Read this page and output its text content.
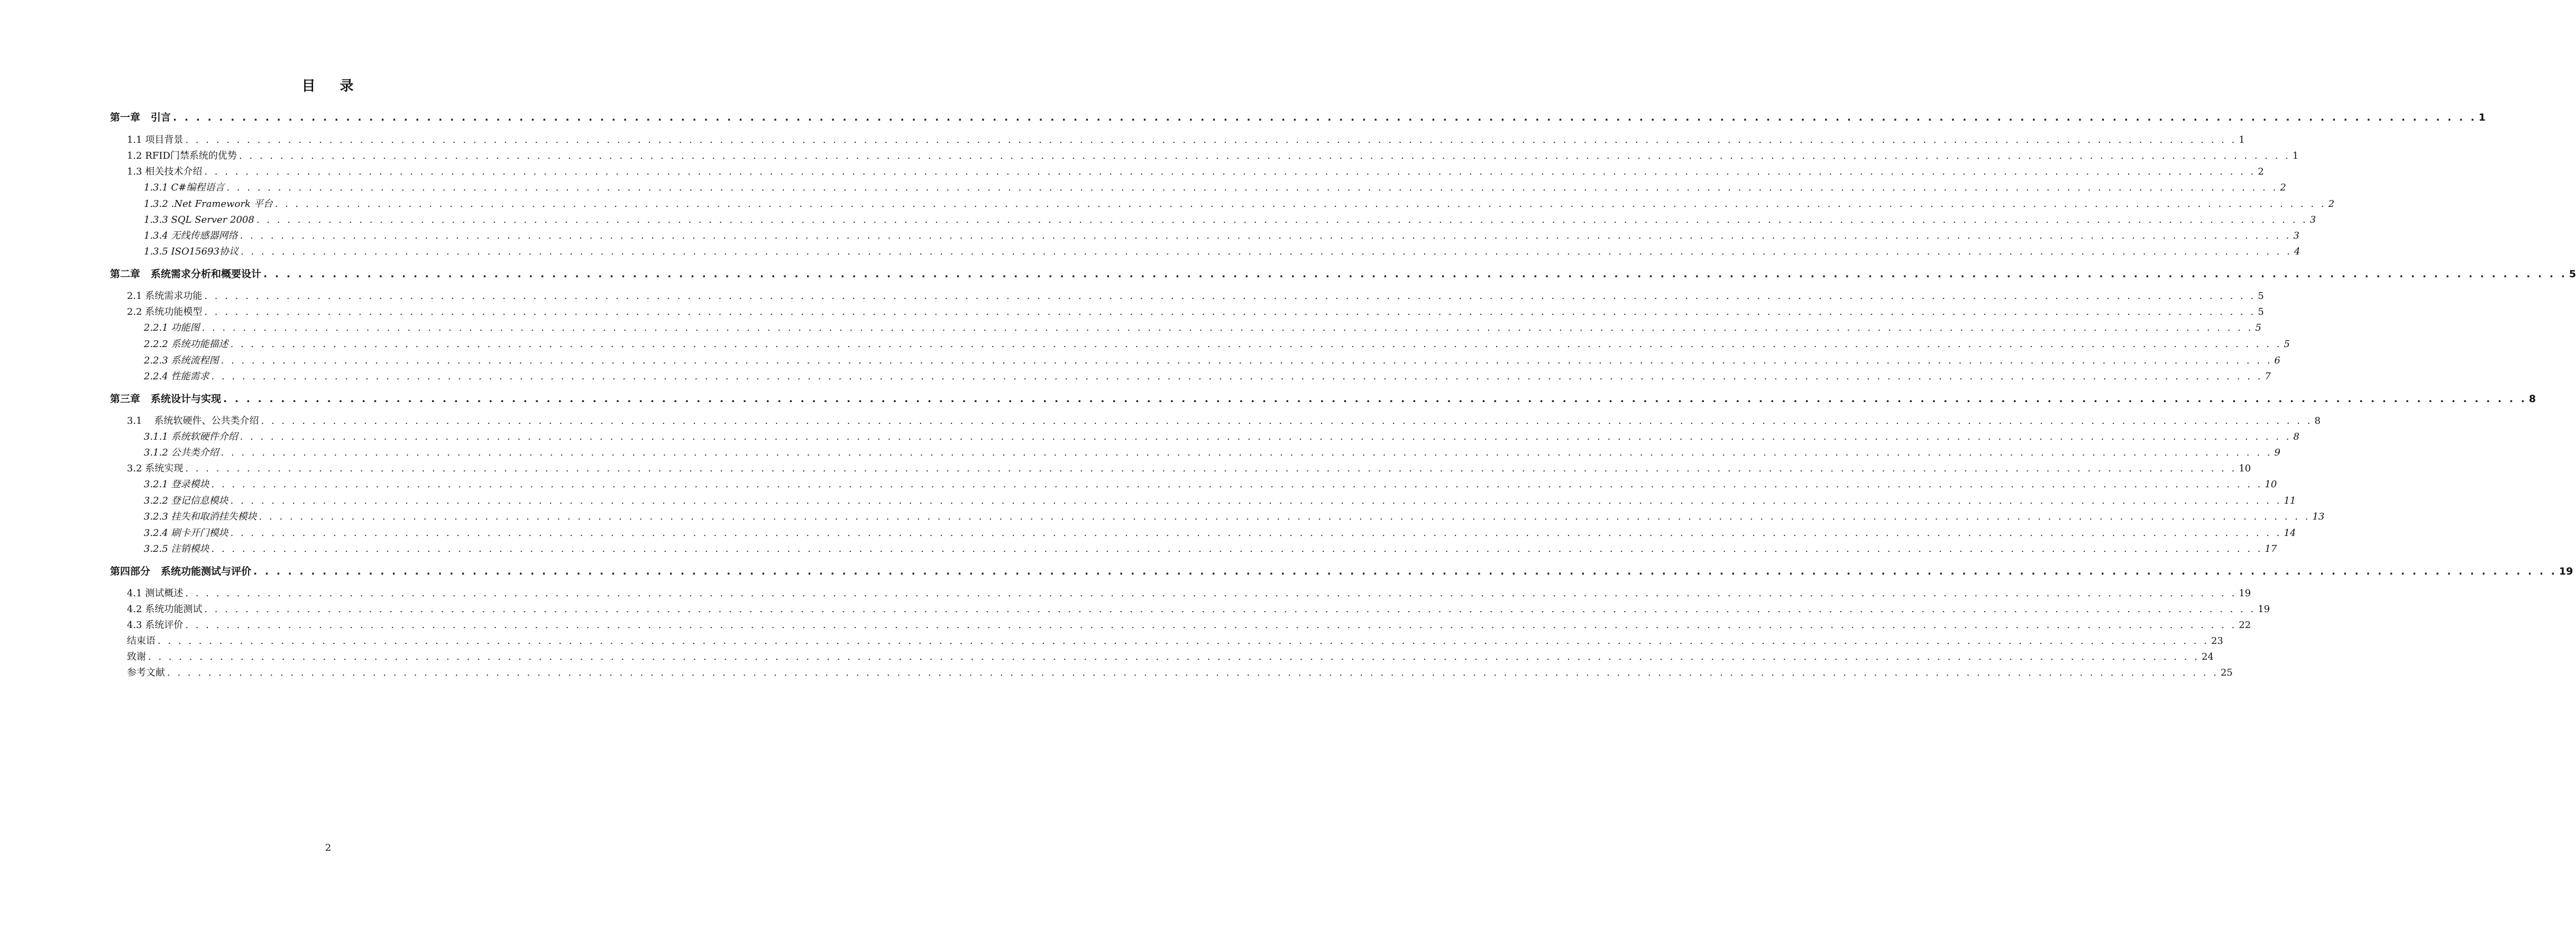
目 录
第一章 引言 . . . . . . . . . . . . . . . . . . . . . . . . . . . . . . . . . . . . . . . . . . . . . . . . . . . . . . . . . . . . . . . . . . . . . . . . . . . . . . . . . . . . . . . . . . . . . . . . . . . . . . . . . . . . . . . . . . . . . . . . . . . . . . . . . . . . . . . . . . . . . . . . . . . . . . . . . . . . . . . . . . . . . . . . . . . . . . . . . . . . . . . . . . . . . . . . . . . . . . . . 1
1.1 项目背景 . . . . . . . . . . . . . . . . . . . . . . . . . . . . . . . . . . . . . . . . . . . . . . . . . . . . . . . . . . . . . . . . . . . . . . . . . . . . . . . . . . . . . . . . . . . . . . . . . . . . . . . . . . . . . . . . . . . . . . . . . . . . . . . . . . . . . . . . . . . . . . . . . . . . . . . . . . . . . . . . . . . . . . . . . . . . . . . . . . . . . . . . . . . . . . . . . . . . . . . . 1
1.2 RFID门禁系统的优势 . . . . . . . . . . . . . . . . . . . . . . . . . . . . . . . . . . . . . . . . . . . . . . . . . . . . . . . . . . . . . . . . . . . . . . . . . . . . . . . . . . . . . . . . . . . . . . . . . . . . . . . . . . . . . . . . . . . . . . . . . . . . . . . . . . . . . . . . . . . . . . . . . . . . . . . . . . . . . . . . . . . . . . . . . . . . . . . . . . . . . . . . . . . . . . . . . . . . . . . . 1
1.3 相关技术介绍 . . . . . . . . . . . . . . . . . . . . . . . . . . . . . . . . . . . . . . . . . . . . . . . . . . . . . . . . . . . . . . . . . . . . . . . . . . . . . . . . . . . . . . . . . . . . . . . . . . . . . . . . . . . . . . . . . . . . . . . . . . . . . . . . . . . . . . . . . . . . . . . . . . . . . . . . . . . . . . . . . . . . . . . . . . . . . . . . . . . . . . . . . . . . . . . . . . . . . . . . 2
1.3.1 C#编程语言 . . . . . . . . . . . . . . . . . . . . . . . . . . . . . . . . . . . . . . . . . . . . . . . . . . . . . . . . . . . . . . . . . . . . . . . . . . . . . . . . . . . . . . . . . . . . . . . . . . . . . . . . . . . . . . . . . . . . . . . . . . . . . . . . . . . . . . . . . . . . . . . . . . . . . . . . . . . . . . . . . . . . . . . . . . . . . . . . . . . . . . . . . . . . . . . . . . . . . . . . 2
1.3.2 .Net Framework 平台 . . . . . . . . . . . . . . . . . . . . . . . . . . . . . . . . . . . . . . . . . . . . . . . . . . . . . . . . . . . . . . . . . . . . . . . . . . . . . . . . . . . . . . . . . . . . . . . . . . . . . . . . . . . . . . . . . . . . . . . . . . . . . . . . . . . . . . . . . . . . . . . . . . . . . . . . . . . . . . . . . . . . . . . . . . . . . . . . . . . . . . . . . . . . . . . . . . . . . . . . 2
1.3.3 SQL Server 2008 . . . . . . . . . . . . . . . . . . . . . . . . . . . . . . . . . . . . . . . . . . . . . . . . . . . . . . . . . . . . . . . . . . . . . . . . . . . . . . . . . . . . . . . . . . . . . . . . . . . . . . . . . . . . . . . . . . . . . . . . . . . . . . . . . . . . . . . . . . . . . . . . . . . . . . . . . . . . . . . . . . . . . . . . . . . . . . . . . . . . . . . . . . . . . . . . . . . . . . . . 3
1.3.4 无线传感器网络 . . . . . . . . . . . . . . . . . . . . . . . . . . . . . . . . . . . . . . . . . . . . . . . . . . . . . . . . . . . . . . . . . . . . . . . . . . . . . . . . . . . . . . . . . . . . . . . . . . . . . . . . . . . . . . . . . . . . . . . . . . . . . . . . . . . . . . . . . . . . . . . . . . . . . . . . . . . . . . . . . . . . . . . . . . . . . . . . . . . . . . . . . . . . . . . . . . . . . . . . 3
1.3.5 ISO15693协议 . . . . . . . . . . . . . . . . . . . . . . . . . . . . . . . . . . . . . . . . . . . . . . . . . . . . . . . . . . . . . . . . . . . . . . . . . . . . . . . . . . . . . . . . . . . . . . . . . . . . . . . . . . . . . . . . . . . . . . . . . . . . . . . . . . . . . . . . . . . . . . . . . . . . . . . . . . . . . . . . . . . . . . . . . . . . . . . . . . . . . . . . . . . . . . . . . . . . . . . . 4
第二章 系统需求分析和概要设计 . . . . . . . . . . . . . . . . . . . . . . . . . . . . . . . . . . . . . . . . . . . . . . . . . . . . . . . . . . . . . . . . . . . . . . . . . . . . . . . . . . . . . . . . . . . . . . . . . . . . . . . . . . . . . . . . . . . . . . . . . . . . . . . . . . . . . . . . . . . . . . . . . . . . . . . . . . . . . . . . . . . . . . . . . . . . . . . . . . . . . . . . . . . . . . . . . . . . . . . . 5
2.1 系统需求功能 . . . . . . . . . . . . . . . . . . . . . . . . . . . . . . . . . . . . . . . . . . . . . . . . . . . . . . . . . . . . . . . . . . . . . . . . . . . . . . . . . . . . . . . . . . . . . . . . . . . . . . . . . . . . . . . . . . . . . . . . . . . . . . . . . . . . . . . . . . . . . . . . . . . . . . . . . . . . . . . . . . . . . . . . . . . . . . . . . . . . . . . . . . . . . . . . . . . . . . . . 5
2.2 系统功能模型 . . . . . . . . . . . . . . . . . . . . . . . . . . . . . . . . . . . . . . . . . . . . . . . . . . . . . . . . . . . . . . . . . . . . . . . . . . . . . . . . . . . . . . . . . . . . . . . . . . . . . . . . . . . . . . . . . . . . . . . . . . . . . . . . . . . . . . . . . . . . . . . . . . . . . . . . . . . . . . . . . . . . . . . . . . . . . . . . . . . . . . . . . . . . . . . . . . . . . . . . 5
2.2.1 功能图 . . . . . . . . . . . . . . . . . . . . . . . . . . . . . . . . . . . . . . . . . . . . . . . . . . . . . . . . . . . . . . . . . . . . . . . . . . . . . . . . . . . . . . . . . . . . . . . . . . . . . . . . . . . . . . . . . . . . . . . . . . . . . . . . . . . . . . . . . . . . . . . . . . . . . . . . . . . . . . . . . . . . . . . . . . . . . . . . . . . . . . . . . . . . . . . . . . . . . . . . 5
2.2.2 系统功能描述 . . . . . . . . . . . . . . . . . . . . . . . . . . . . . . . . . . . . . . . . . . . . . . . . . . . . . . . . . . . . . . . . . . . . . . . . . . . . . . . . . . . . . . . . . . . . . . . . . . . . . . . . . . . . . . . . . . . . . . . . . . . . . . . . . . . . . . . . . . . . . . . . . . . . . . . . . . . . . . . . . . . . . . . . . . . . . . . . . . . . . . . . . . . . . . . . . . . . . . . . 5
2.2.3 系统流程图 . . . . . . . . . . . . . . . . . . . . . . . . . . . . . . . . . . . . . . . . . . . . . . . . . . . . . . . . . . . . . . . . . . . . . . . . . . . . . . . . . . . . . . . . . . . . . . . . . . . . . . . . . . . . . . . . . . . . . . . . . . . . . . . . . . . . . . . . . . . . . . . . . . . . . . . . . . . . . . . . . . . . . . . . . . . . . . . . . . . . . . . . . . . . . . . . . . . . . . . . 6
2.2.4 性能需求 . . . . . . . . . . . . . . . . . . . . . . . . . . . . . . . . . . . . . . . . . . . . . . . . . . . . . . . . . . . . . . . . . . . . . . . . . . . . . . . . . . . . . . . . . . . . . . . . . . . . . . . . . . . . . . . . . . . . . . . . . . . . . . . . . . . . . . . . . . . . . . . . . . . . . . . . . . . . . . . . . . . . . . . . . . . . . . . . . . . . . . . . . . . . . . . . . . . . . . . . 7
第三章 系统设计与实现 . . . . . . . . . . . . . . . . . . . . . . . . . . . . . . . . . . . . . . . . . . . . . . . . . . . . . . . . . . . . . . . . . . . . . . . . . . . . . . . . . . . . . . . . . . . . . . . . . . . . . . . . . . . . . . . . . . . . . . . . . . . . . . . . . . . . . . . . . . . . . . . . . . . . . . . . . . . . . . . . . . . . . . . . . . . . . . . . . . . . . . . . . . . . . . . . . . . . . . . . 8
3.1    系统软硬件、公共类介绍 . . . . . . . . . . . . . . . . . . . . . . . . . . . . . . . . . . . . . . . . . . . . . . . . . . . . . . . . . . . . . . . . . . . . . . . . . . . . . . . . . . . . . . . . . . . . . . . . . . . . . . . . . . . . . . . . . . . . . . . . . . . . . . . . . . . . . . . . . . . . . . . . . . . . . . . . . . . . . . . . . . . . . . . . . . . . . . . . . . . . . . . . . . . . . . . . . . . . . . . . 8
3.1.1 系统软硬件介绍 . . . . . . . . . . . . . . . . . . . . . . . . . . . . . . . . . . . . . . . . . . . . . . . . . . . . . . . . . . . . . . . . . . . . . . . . . . . . . . . . . . . . . . . . . . . . . . . . . . . . . . . . . . . . . . . . . . . . . . . . . . . . . . . . . . . . . . . . . . . . . . . . . . . . . . . . . . . . . . . . . . . . . . . . . . . . . . . . . . . . . . . . . . . . . . . . . . . . . . . . 8
3.1.2 公共类介绍 . . . . . . . . . . . . . . . . . . . . . . . . . . . . . . . . . . . . . . . . . . . . . . . . . . . . . . . . . . . . . . . . . . . . . . . . . . . . . . . . . . . . . . . . . . . . . . . . . . . . . . . . . . . . . . . . . . . . . . . . . . . . . . . . . . . . . . . . . . . . . . . . . . . . . . . . . . . . . . . . . . . . . . . . . . . . . . . . . . . . . . . . . . . . . . . . . . . . . . . . 9
3.2 系统实现 . . . . . . . . . . . . . . . . . . . . . . . . . . . . . . . . . . . . . . . . . . . . . . . . . . . . . . . . . . . . . . . . . . . . . . . . . . . . . . . . . . . . . . . . . . . . . . . . . . . . . . . . . . . . . . . . . . . . . . . . . . . . . . . . . . . . . . . . . . . . . . . . . . . . . . . . . . . . . . . . . . . . . . . . . . . . . . . . . . . . . . . . . . . . . . . . . . . . . . . . 10
3.2.1 登录模块 . . . . . . . . . . . . . . . . . . . . . . . . . . . . . . . . . . . . . . . . . . . . . . . . . . . . . . . . . . . . . . . . . . . . . . . . . . . . . . . . . . . . . . . . . . . . . . . . . . . . . . . . . . . . . . . . . . . . . . . . . . . . . . . . . . . . . . . . . . . . . . . . . . . . . . . . . . . . . . . . . . . . . . . . . . . . . . . . . . . . . . . . . . . . . . . . . . . . . . . . 10
3.2.2 登记信息模块 . . . . . . . . . . . . . . . . . . . . . . . . . . . . . . . . . . . . . . . . . . . . . . . . . . . . . . . . . . . . . . . . . . . . . . . . . . . . . . . . . . . . . . . . . . . . . . . . . . . . . . . . . . . . . . . . . . . . . . . . . . . . . . . . . . . . . . . . . . . . . . . . . . . . . . . . . . . . . . . . . . . . . . . . . . . . . . . . . . . . . . . . . . . . . . . . . . . . . . . . 11
3.2.3 挂失和取消挂失模块 . . . . . . . . . . . . . . . . . . . . . . . . . . . . . . . . . . . . . . . . . . . . . . . . . . . . . . . . . . . . . . . . . . . . . . . . . . . . . . . . . . . . . . . . . . . . . . . . . . . . . . . . . . . . . . . . . . . . . . . . . . . . . . . . . . . . . . . . . . . . . . . . . . . . . . . . . . . . . . . . . . . . . . . . . . . . . . . . . . . . . . . . . . . . . . . . . . . . . . . . 13
3.2.4 刷卡开门模块 . . . . . . . . . . . . . . . . . . . . . . . . . . . . . . . . . . . . . . . . . . . . . . . . . . . . . . . . . . . . . . . . . . . . . . . . . . . . . . . . . . . . . . . . . . . . . . . . . . . . . . . . . . . . . . . . . . . . . . . . . . . . . . . . . . . . . . . . . . . . . . . . . . . . . . . . . . . . . . . . . . . . . . . . . . . . . . . . . . . . . . . . . . . . . . . . . . . . . . . . 14
3.2.5 注销模块 . . . . . . . . . . . . . . . . . . . . . . . . . . . . . . . . . . . . . . . . . . . . . . . . . . . . . . . . . . . . . . . . . . . . . . . . . . . . . . . . . . . . . . . . . . . . . . . . . . . . . . . . . . . . . . . . . . . . . . . . . . . . . . . . . . . . . . . . . . . . . . . . . . . . . . . . . . . . . . . . . . . . . . . . . . . . . . . . . . . . . . . . . . . . . . . . . . . . . . . . 17
第四部分 系统功能测试与评价 . . . . . . . . . . . . . . . . . . . . . . . . . . . . . . . . . . . . . . . . . . . . . . . . . . . . . . . . . . . . . . . . . . . . . . . . . . . . . . . . . . . . . . . . . . . . . . . . . . . . . . . . . . . . . . . . . . . . . . . . . . . . . . . . . . . . . . . . . . . . . . . . . . . . . . . . . . . . . . . . . . . . . . . . . . . . . . . . . . . . . . . . . . . . . . . . . . . . . . . . 19
4.1 测试概述 . . . . . . . . . . . . . . . . . . . . . . . . . . . . . . . . . . . . . . . . . . . . . . . . . . . . . . . . . . . . . . . . . . . . . . . . . . . . . . . . . . . . . . . . . . . . . . . . . . . . . . . . . . . . . . . . . . . . . . . . . . . . . . . . . . . . . . . . . . . . . . . . . . . . . . . . . . . . . . . . . . . . . . . . . . . . . . . . . . . . . . . . . . . . . . . . . . . . . . . . 19
4.2 系统功能测试 . . . . . . . . . . . . . . . . . . . . . . . . . . . . . . . . . . . . . . . . . . . . . . . . . . . . . . . . . . . . . . . . . . . . . . . . . . . . . . . . . . . . . . . . . . . . . . . . . . . . . . . . . . . . . . . . . . . . . . . . . . . . . . . . . . . . . . . . . . . . . . . . . . . . . . . . . . . . . . . . . . . . . . . . . . . . . . . . . . . . . . . . . . . . . . . . . . . . . . . . 19
4.3 系统评价 . . . . . . . . . . . . . . . . . . . . . . . . . . . . . . . . . . . . . . . . . . . . . . . . . . . . . . . . . . . . . . . . . . . . . . . . . . . . . . . . . . . . . . . . . . . . . . . . . . . . . . . . . . . . . . . . . . . . . . . . . . . . . . . . . . . . . . . . . . . . . . . . . . . . . . . . . . . . . . . . . . . . . . . . . . . . . . . . . . . . . . . . . . . . . . . . . . . . . . . . 22
结束语 . . . . . . . . . . . . . . . . . . . . . . . . . . . . . . . . . . . . . . . . . . . . . . . . . . . . . . . . . . . . . . . . . . . . . . . . . . . . . . . . . . . . . . . . . . . . . . . . . . . . . . . . . . . . . . . . . . . . . . . . . . . . . . . . . . . . . . . . . . . . . . . . . . . . . . . . . . . . . . . . . . . . . . . . . . . . . . . . . . . . . . . . . . . . . . . . . . . . . . . . 23
致谢 . . . . . . . . . . . . . . . . . . . . . . . . . . . . . . . . . . . . . . . . . . . . . . . . . . . . . . . . . . . . . . . . . . . . . . . . . . . . . . . . . . . . . . . . . . . . . . . . . . . . . . . . . . . . . . . . . . . . . . . . . . . . . . . . . . . . . . . . . . . . . . . . . . . . . . . . . . . . . . . . . . . . . . . . . . . . . . . . . . . . . . . . . . . . . . . . . . . . . . . . 24
参考文献 . . . . . . . . . . . . . . . . . . . . . . . . . . . . . . . . . . . . . . . . . . . . . . . . . . . . . . . . . . . . . . . . . . . . . . . . . . . . . . . . . . . . . . . . . . . . . . . . . . . . . . . . . . . . . . . . . . . . . . . . . . . . . . . . . . . . . . . . . . . . . . . . . . . . . . . . . . . . . . . . . . . . . . . . . . . . . . . . . . . . . . . . . . . . . . . . . . . . . . . . 25
2
